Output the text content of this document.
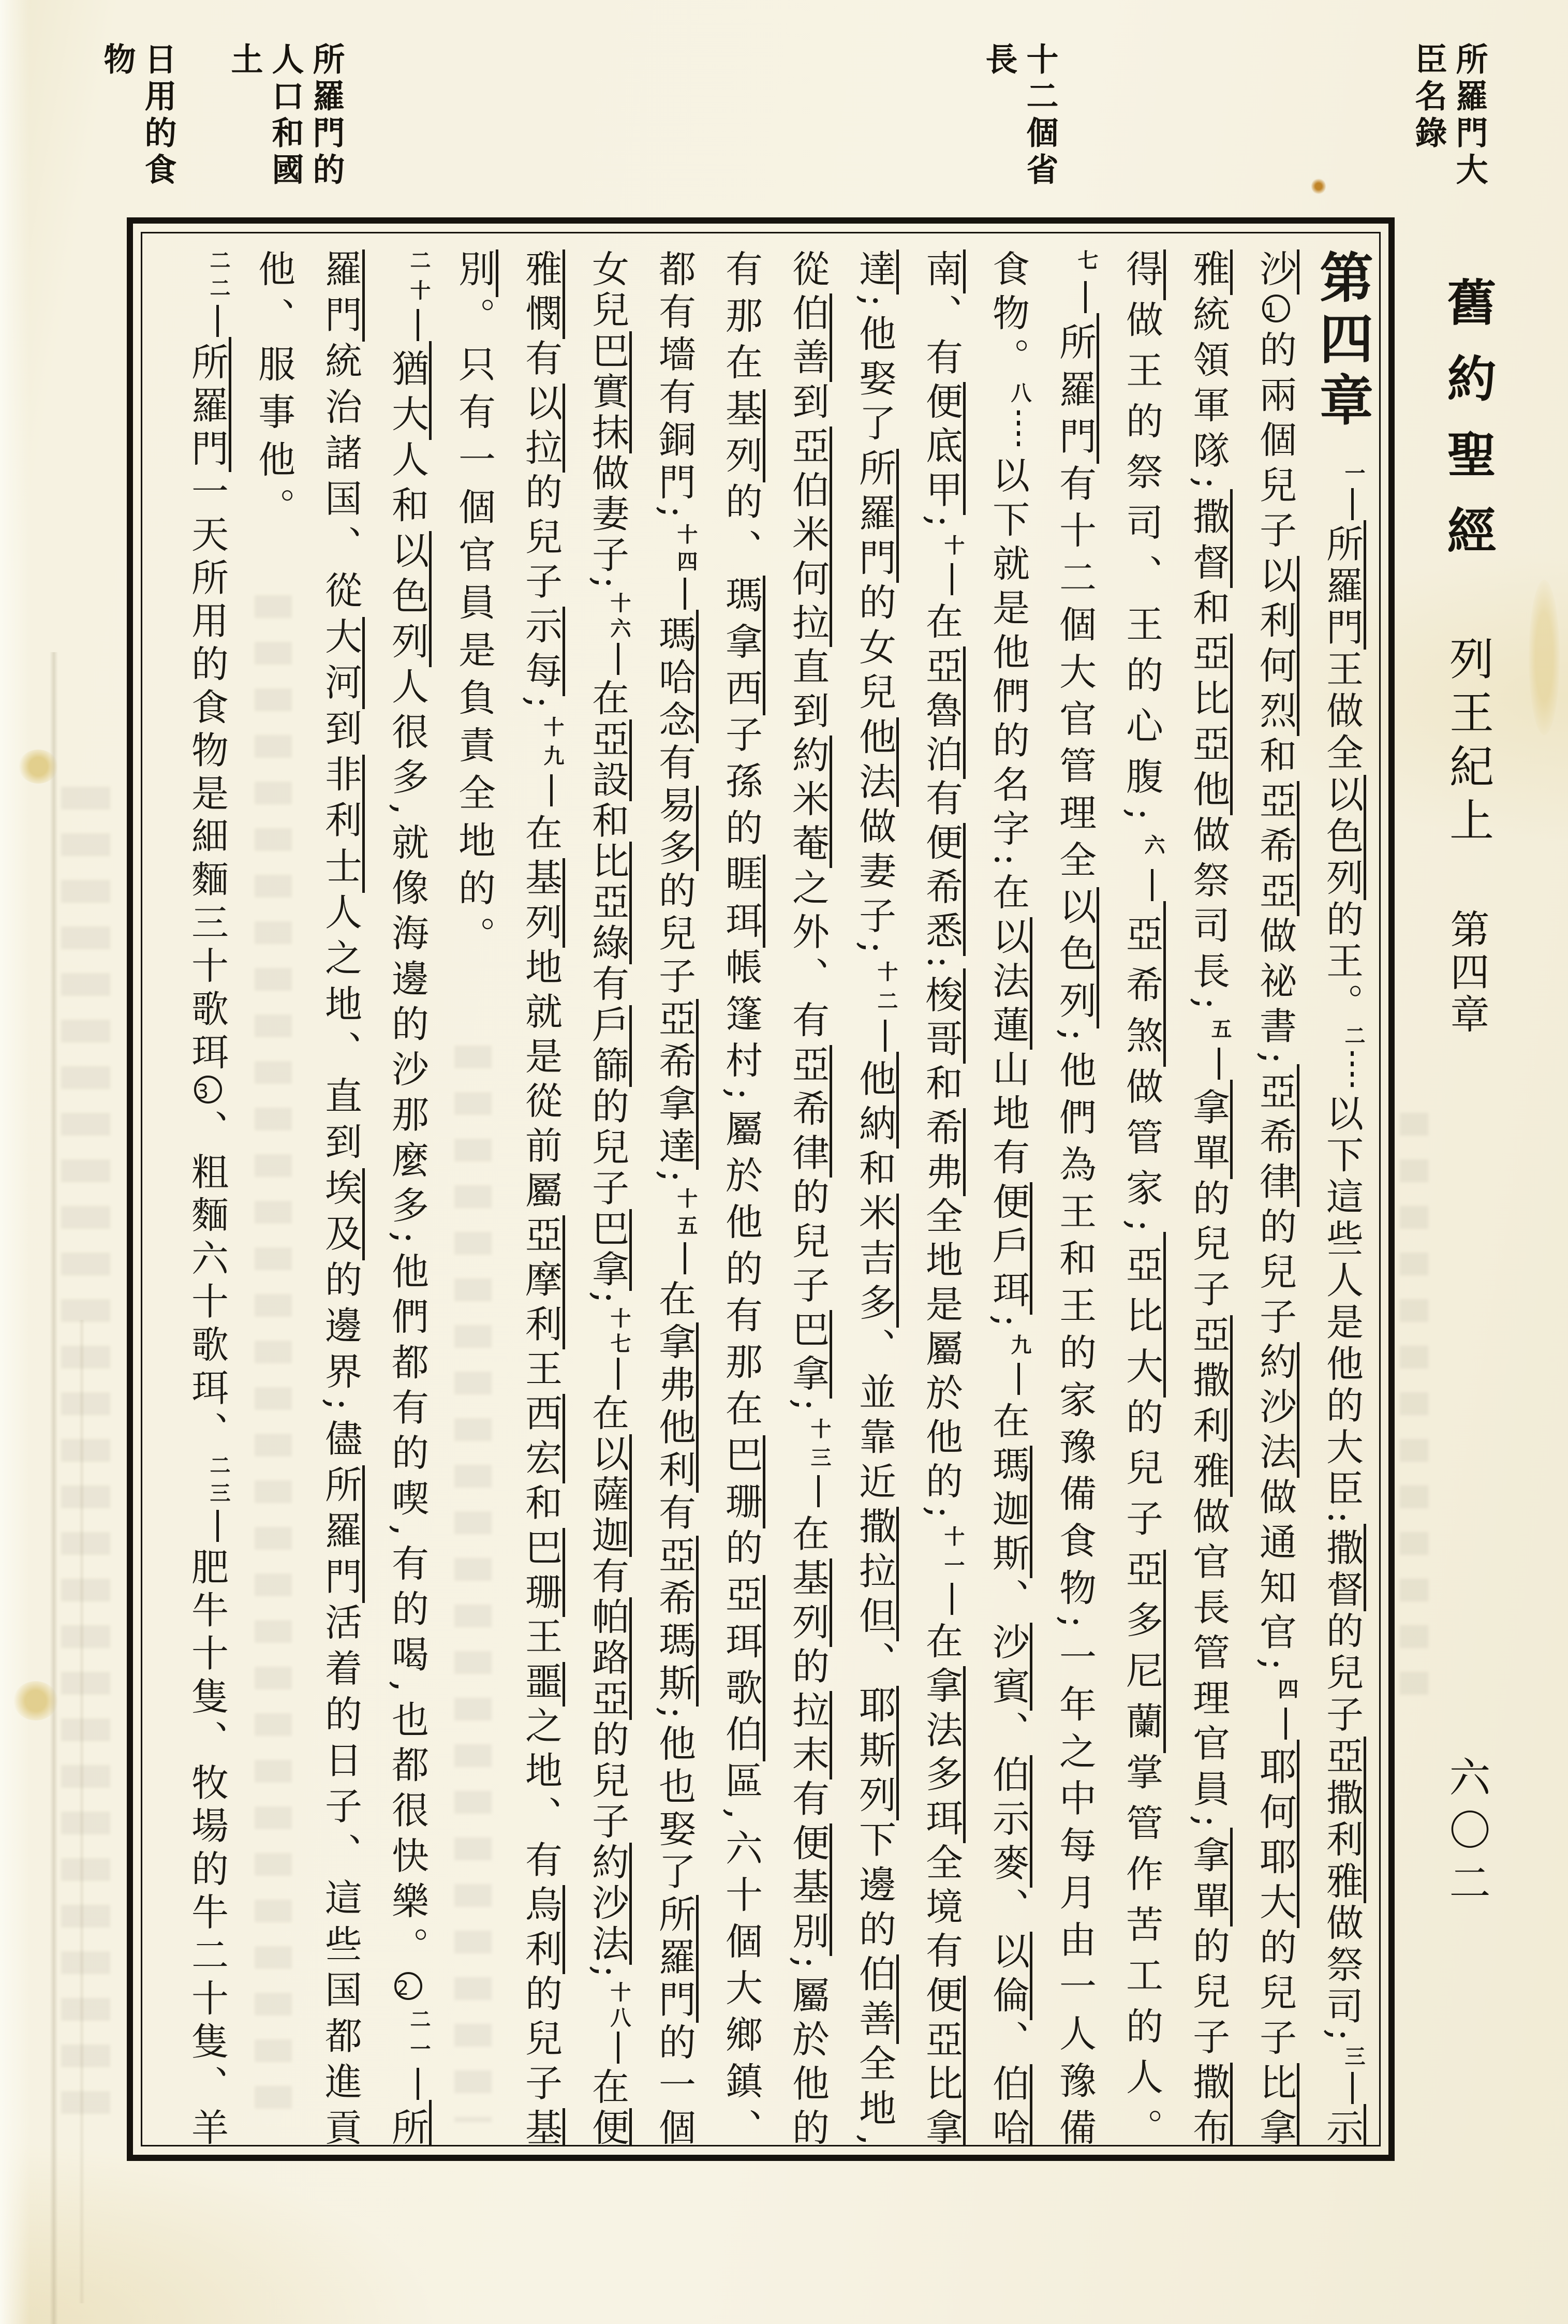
舊約聖經
列王紀上
第四章
六〇二
所羅門大
臣名錄
十二個省
長
所羅門的
人口和國
土
日用的食
物
第四章一所羅門王做全以色列的王。二以下這些人是他的大臣:撒督的兒子亞撒利雅做祭司;三示
沙1的兩個兒子以利何烈和亞希亞做祕書;亞希律的兒子約沙法做通知官;四耶何耶大的兒子比拿
雅統領軍隊;撒督和亞比亞他做祭司長;五拿單的兒子亞撒利雅做官長管理官員;拿單的兒子撒布
得做王的祭司、王的心腹;六亞希煞做管家;亞比大的兒子亞多尼蘭掌管作苦工的人。
七所羅門有十二個大官管理全以色列;他們為王和王的家豫備食物;一年之中每月由一人豫備
食物。八以下就是他們的名字:在以法蓮山地有便戶珥;九在瑪迦斯、沙賓、伯示麥、以倫、伯哈
南、有便底甲;十在亞魯泊有便希悉:梭哥和希弗全地是屬於他的;十一在拿法多珥全境有便亞比拿
達;他娶了所羅門的女兒他法做妻子;十二他納和米吉多、並靠近撒拉但、耶斯列下邊的伯善全地,
從伯善到亞伯米何拉直到約米菴之外、有亞希律的兒子巴拿;十三在基列的拉末有便基別;屬於他的
有那在基列的、瑪拿西子孫的睚珥帳篷村;屬於他的有那在巴珊的亞珥歌伯區,六十個大鄉鎮、
都有墻有銅門;十四瑪哈念有易多的兒子亞希拿達;十五在拿弗他利有亞希瑪斯;他也娶了所羅門的一個
女兒巴實抹做妻子;十六在亞設和比亞綠有戶篩的兒子巴拿;十七在以薩迦有帕路亞的兒子約沙法;十八在便
雅憫有以拉的兒子示每;十九在基列地就是從前屬亞摩利王西宏和巴珊王噩之地、有烏利的兒子基
別。只有一個官員是負責全地的。
二十猶大人和以色列人很多,就像海邊的沙那麼多;他們都有的喫,有的喝,也都很快樂。2二一所
羅門統治諸国、從大河到非利士人之地、直到埃及的邊界;儘所羅門活着的日子、這些国都進貢
他、服事他。
二二所羅門一天所用的食物是細麵三十歌珥3、粗麵六十歌珥、二三肥牛十隻、牧場的牛二十隻、羊
